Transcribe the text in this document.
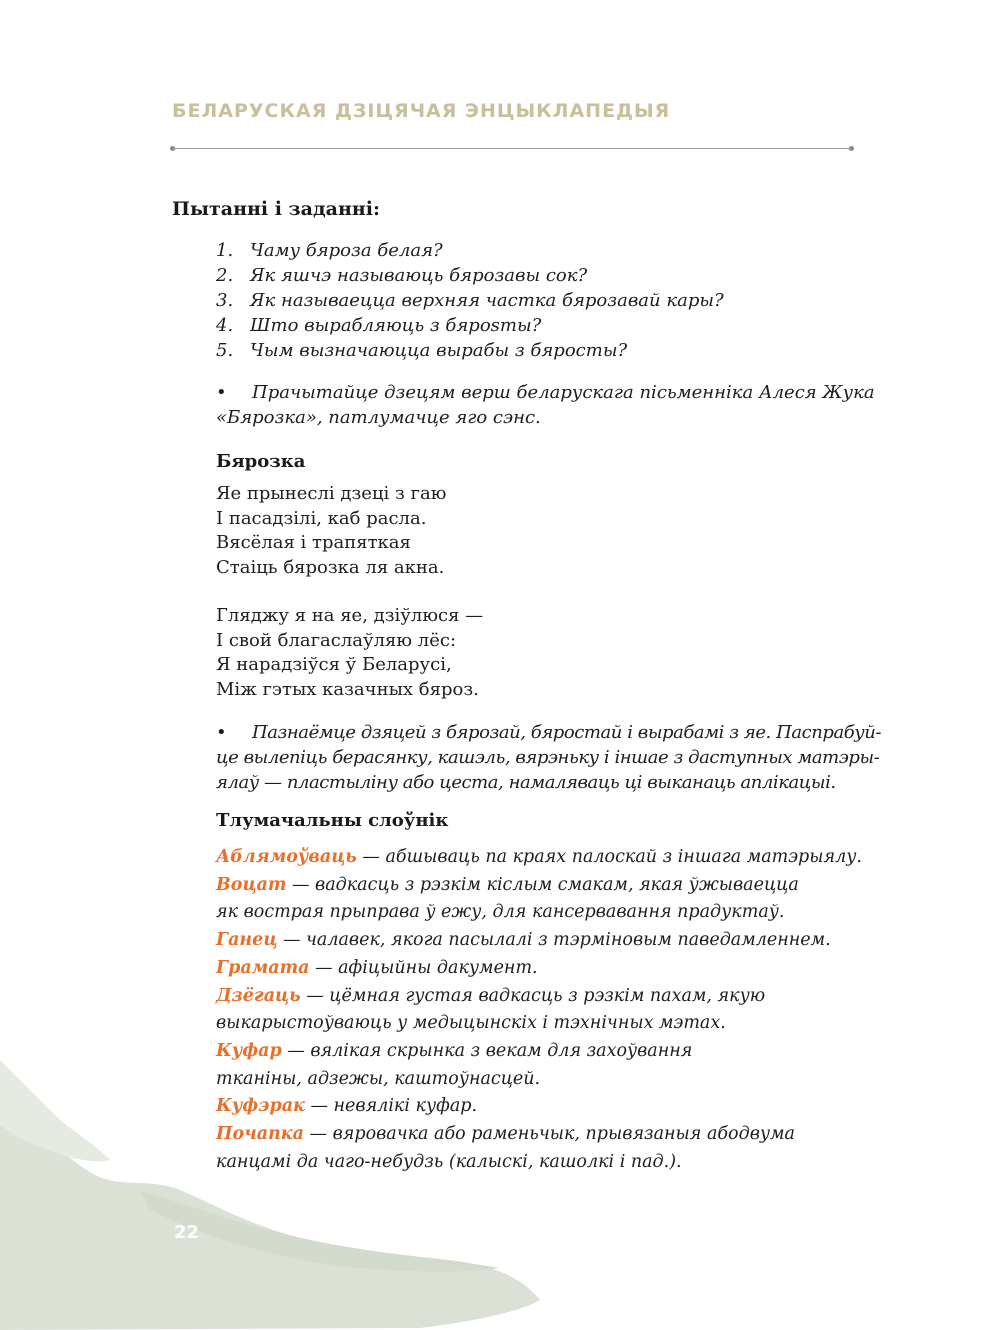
БЕЛАРУСКАЯ ДЗІЦЯЧАЯ ЭНЦЫКЛАПЕДЫЯ
Пытанні і заданні:
1. Чаму бяроза белая?
2. Як яшчэ называюць бярозавы сок?
3. Як называецца верхняя частка бярозавай кары?
4. Што вырабляюць з бярosты?
5. Чым вызначаюцца вырабы з бяросты?
• Прачытайце дзецям верш беларускага пісьменніка Алеся Жука
«Бярозка», патлумачце яго сэнс.
Бярозка
Яе прынеслі дзеці з гаю
І пасадзілі, каб расла.
Вясёлая і трапяткая
Стаіць бярозка ля акна.
Гляджу я на яе, дзіўлюся —
І свой благаслаўляю лёс:
Я нарадзіўся ў Беларусі,
Між гэтых казачных бяроз.
• Пазнаёмце дзяцей з бярозай, бяростай і вырабамі з яе. Паспрабуй-
це вылепіць берасянку, кашэль, вярэньку і іншае з даступных матэры-
ялаў — пластыліну або цеста, намаляваць ці выканаць аплікацыі.
Тлумачальны слоўнік
Аблямоўваць — абшываць па краях палоскай з іншага матэрыялу.
Воцат — вадкасць з рэзкім кіслым смакам, якая ўжываецца
як вострая прыправа ў ежу, для кансервавання прадуктаў.
Ганец — чалавек, якога пасылалі з тэрміновым паведамленнем.
Грамата — афіцыйны дакумент.
Дзёгаць — цёмная густая вадкасць з рэзкім пахам, якую
выкарыстоўваюць у медыцынскіх і тэхнічных мэтах.
Куфар — вялікая скрынка з векам для захоўвання
тканіны, адзежы, каштоўнасцей.
Куфэрак — невялікі куфар.
Почапка — вяровачка або раменьчык, прывязаныя абодвума
канцамі да чаго-небудзь (калыскі, кашолкі і пад.).
22
